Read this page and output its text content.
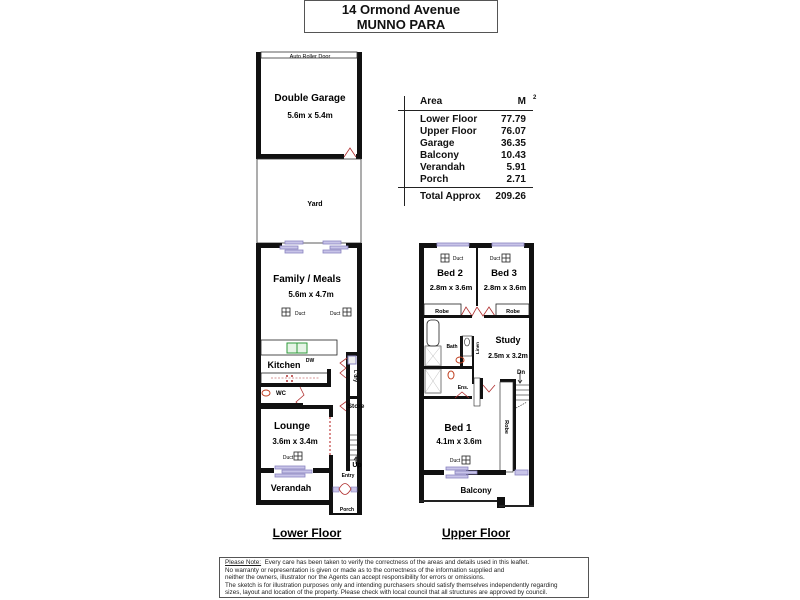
14 Ormond Avenue
MUNNO PARA
Area	M 2
Lower Floor 77.79
Upper Floor 76.07
Garage	36.35
Balcony	10.43
Verandah	5.91
Porch	2.71
Total Approx 209.26
Double Garage
5.6m x 5.4m
Auto Roller Door
Yard
Family / Meals
5.6m x 4.7m
Duct	Duct
Kitchen DW
WC
L'dry
Store
Lounge
3.6m x 3.4m
Duct
Up
Entry
Verandah
Porch
Bed 2
2.8m x 3.6m
Duct
Robe
Bed 3
2.8m x 3.6m
Duct
Robe
Bath	Linen
Study
2.5m x 3.2m
Ens.
Dn
Bed 1
4.1m x 3.6m
Duct
Robe
Balcony
Lower Floor	Upper Floor
Please Note: Every care has been taken to verify the correctness of the areas and details used in this leaflet.
No warranty or representation is given or made as to the correctness of the information supplied and
neither the owners, illustrator nor the Agents can accept responsibility for errors or omissions.
The sketch is for illustration purposes only and intending purchasers should satisfy themselves independently regarding
sizes, layout and location of the property. Please check with local council that all structures are approved by council.
